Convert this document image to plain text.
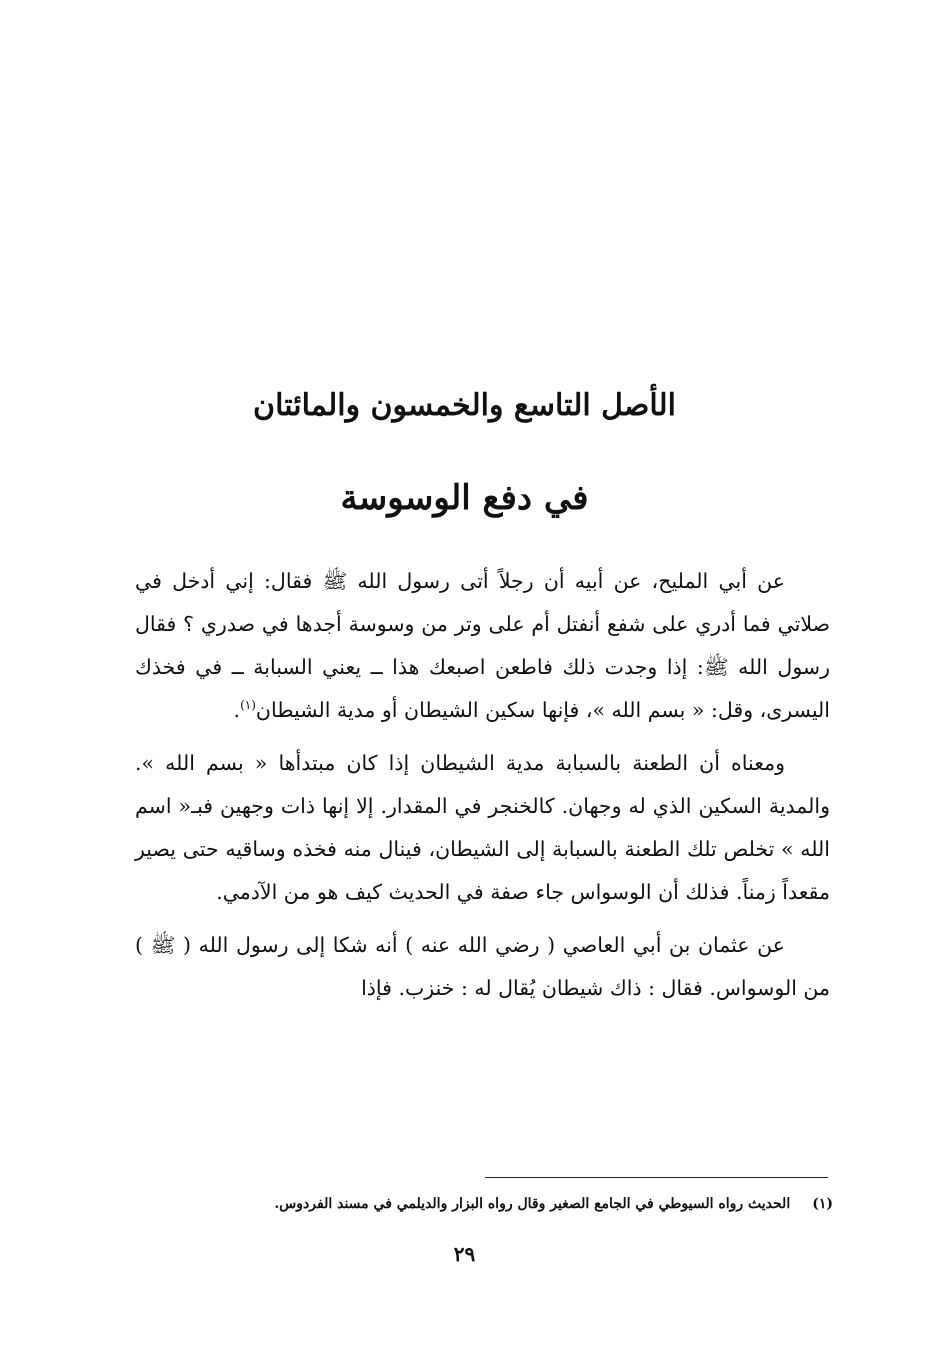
الأصل التاسع والخمسون والمائتان
في دفع الوسوسة

عن أبي المليح، عن أبيه أن رجلاً أتى رسول الله ﷺ فقال: إني أدخل في صلاتي فما أدري على شفع أنفتل أم على وتر من وسوسة أجدها في صدري ؟ فقال رسول الله ﷺ: إذا وجدت ذلك فاطعن اصبعك هذا ــ يعني السبابة ــ في فخذك اليسرى، وقل: « بسم الله »، فإنها سكين الشيطان أو مدية الشيطان$^{(١)}$.

ومعناه أن الطعنة بالسبابة مدية الشيطان إذا كان مبتدأها « بسم الله ». والمدية السكين الذي له وجهان. كالخنجر في المقدار. إلا إنها ذات وجهين فبـ« اسم الله » تخلص تلك الطعنة بالسبابة إلى الشيطان، فينال منه فخذه وساقيه حتى يصير مقعداً زمناً. فذلك أن الوسواس جاء صفة في الحديث كيف هو من الآدمي.

عن عثمان بن أبي العاصي ( رضي الله عنه ) أنه شكا إلى رسول الله ( ﷺ ) من الوسواس. فقال : ذاك شيطان يُقال له : خنزب. فإذا

(١)الحديث رواه السيوطي في الجامع الصغير وقال رواه البزار والديلمي في مسند الفردوس.
٢٩
